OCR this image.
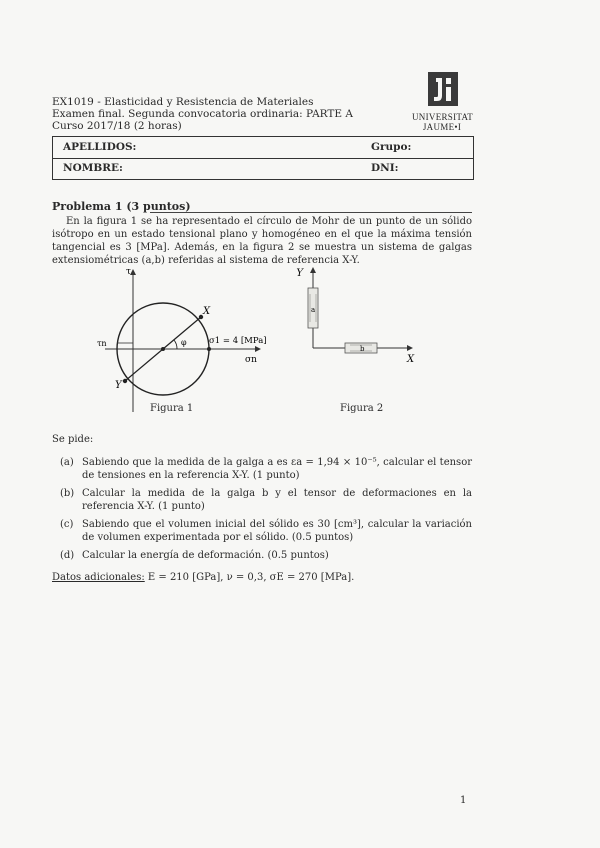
EX1019 - Elasticidad y Resistencia de Materiales
Examen final. Segunda convocatoria ordinaria: PARTE A
Curso 2017/18 (2 horas)
UNIVERSITAT
JAUME•I
APELLIDOS:	Grupo:
NOMBRE:	DNI:
Problema 1 (3 puntos)
En la figura 1 se ha representado el círculo de Mohr de un punto de un sólido isótropo en un estado tensional plano y homogéneo en el que la máxima tensión tangencial es 3 [MPa]. Además, en la figura 2 se muestra un sistema de galgas extensiométricas (a,b) referidas al sistema de referencia X-Y.
τ
σn
τn
X
Y
φ	σ1 = 4 [MPa]
Figura 1
Y
X
a
b
Figura 2
Se pide:
(a) Sabiendo que la medida de la galga a es εa = 1,94 × 10⁻⁵, calcular el tensor de tensiones en la referencia X-Y. (1 punto)
(b) Calcular la medida de la galga b y el tensor de deformaciones en la referencia X-Y. (1 punto)
(c) Sabiendo que el volumen inicial del sólido es 30 [cm³], calcular la variación de volumen experimentada por el sólido. (0.5 puntos)
(d) Calcular la energía de deformación. (0.5 puntos)
Datos adicionales: E = 210 [GPa], ν = 0,3, σE = 270 [MPa].
1
